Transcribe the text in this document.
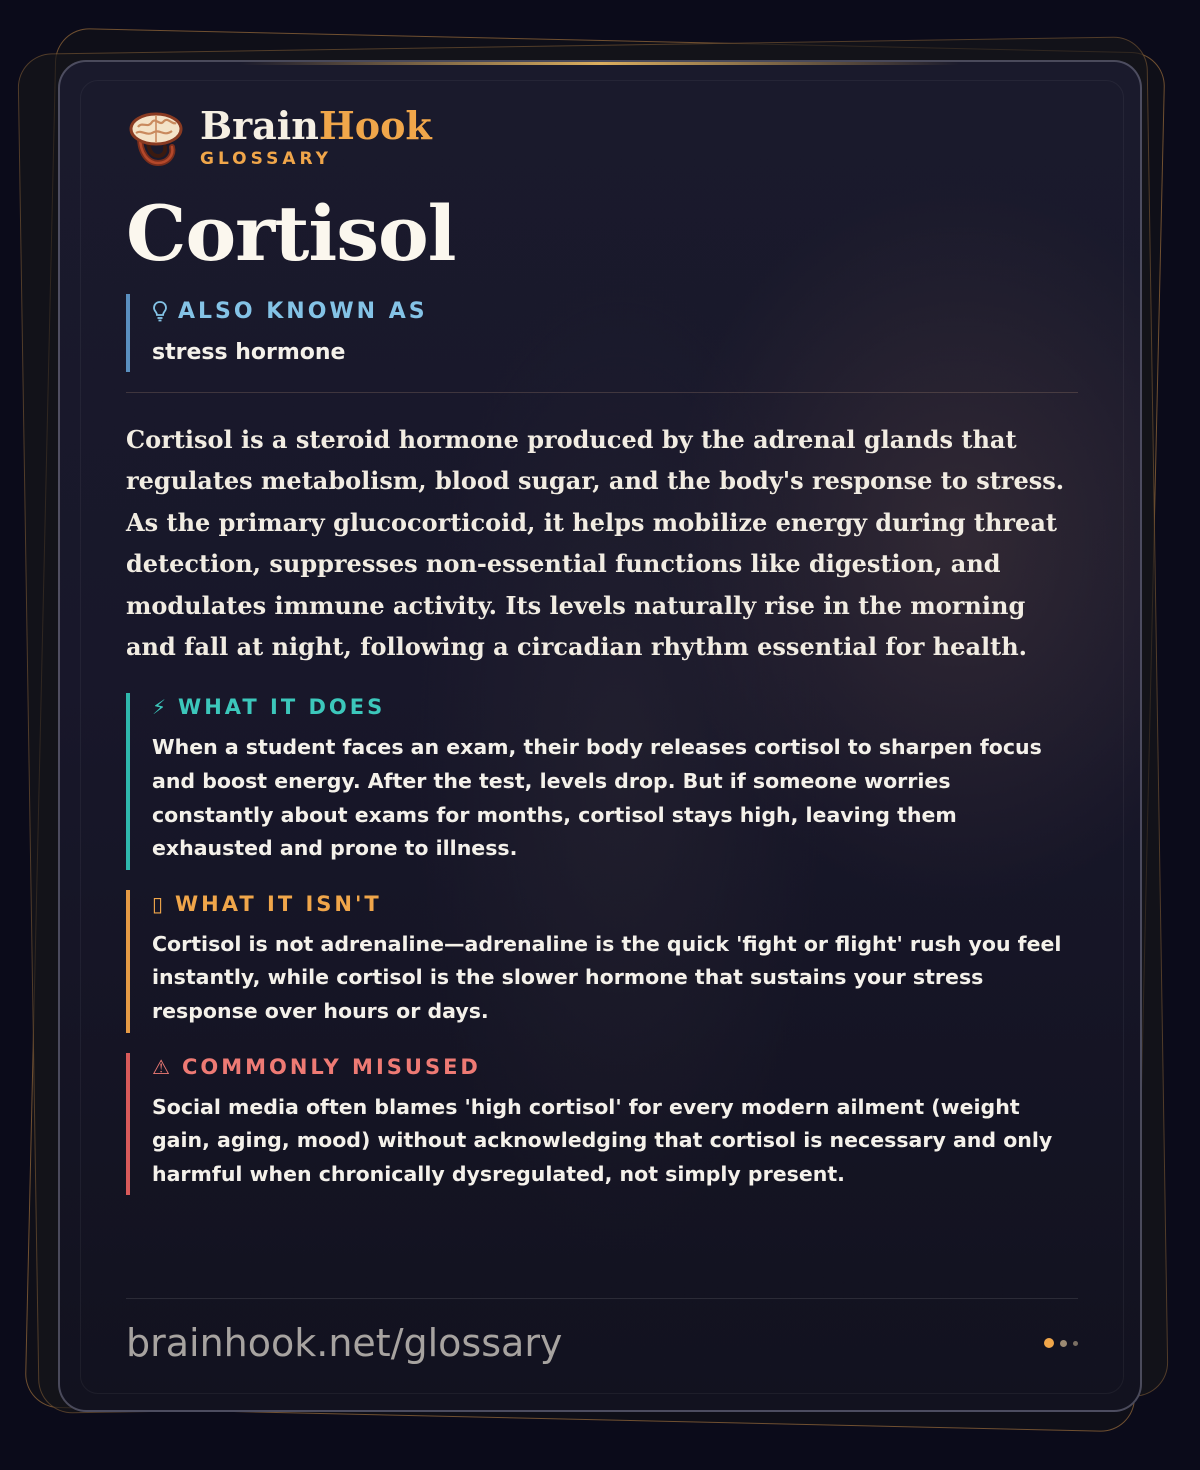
BrainHook
GLOSSARY
Cortisol
ALSO KNOWN AS
stress hormone

Cortisol is a steroid hormone produced by the adrenal glands that regulates metabolism, blood sugar, and the body's response to stress. As the primary glucocorticoid, it helps mobilize energy during threat detection, suppresses non-essential functions like digestion, and modulates immune activity. Its levels naturally rise in the morning and fall at night, following a circadian rhythm essential for health.

⚡ WHAT IT DOES

When a student faces an exam, their body releases cortisol to sharpen focus and boost energy. After the test, levels drop. But if someone worries constantly about exams for months, cortisol stays high, leaving them exhausted and prone to illness.

▯ WHAT IT ISN'T

Cortisol is not adrenaline—adrenaline is the quick 'fight or flight' rush you feel instantly, while cortisol is the slower hormone that sustains your stress response over hours or days.

⚠ COMMONLY MISUSED

Social media often blames 'high cortisol' for every modern ailment (weight gain, aging, mood) without acknowledging that cortisol is necessary and only harmful when chronically dysregulated, not simply present.

brainhook.net/glossary
